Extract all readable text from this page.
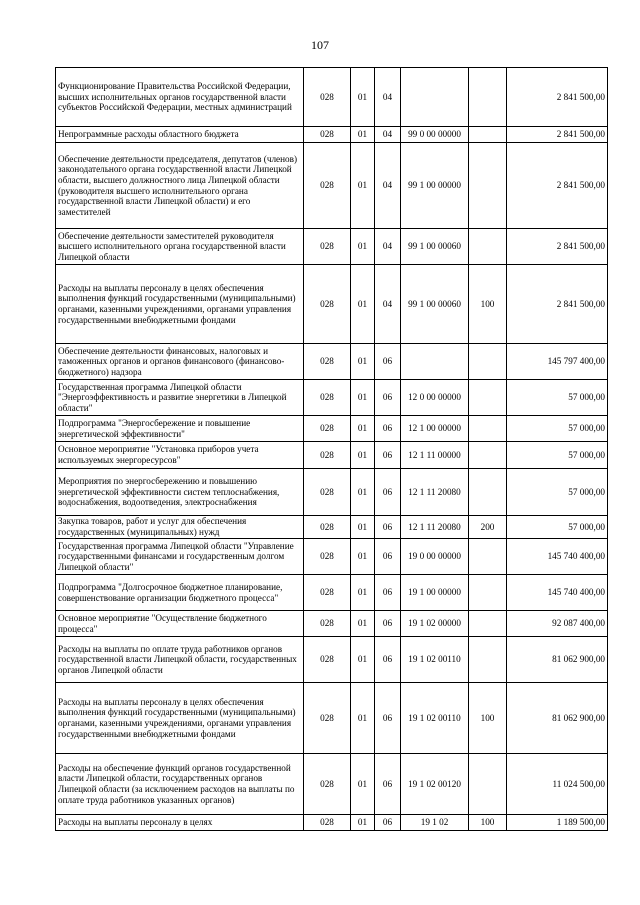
107
Функционирование Правительства Российской Федерации, высших исполнительных органов государственной власти субъектов Российской Федерации, местных администраций	028	01	04			2 841 500,00
Непрограммные расходы областного бюджета	028	01	04	99 0 00 00000		2 841 500,00
Обеспечение деятельности председателя, депутатов (членов) законодательного органа государственной власти Липецкой области, высшего должностного лица Липецкой области (руководителя высшего исполнительного органа государственной власти Липецкой области) и его заместителей	028	01	04	99 1 00 00000		2 841 500,00
Обеспечение деятельности заместителей руководителя высшего исполнительного органа государственной власти Липецкой области	028	01	04	99 1 00 00060		2 841 500,00
Расходы на выплаты персоналу в целях обеспечения выполнения функций государственными (муниципальными) органами, казенными учреждениями, органами управления государственными внебюджетными фондами	028	01	04	99 1 00 00060	100	2 841 500,00
Обеспечение деятельности финансовых, налоговых и таможенных органов и органов финансового (финансово-бюджетного) надзора	028	01	06			145 797 400,00
Государственная программа Липецкой области "Энергоэффективность и развитие энергетики в Липецкой области"	028	01	06	12 0 00 00000		57 000,00
Подпрограмма "Энергосбережение и повышение энергетической эффективности"	028	01	06	12 1 00 00000		57 000,00
Основное мероприятие "Установка приборов учета используемых энергоресурсов"	028	01	06	12 1 11 00000		57 000,00
Мероприятия по энергосбережению и повышению энергетической эффективности систем теплоснабжения, водоснабжения, водоотведения, электроснабжения	028	01	06	12 1 11 20080		57 000,00
Закупка товаров, работ и услуг для обеспечения государственных (муниципальных) нужд	028	01	06	12 1 11 20080	200	57 000,00
Государственная программа Липецкой области "Управление государственными финансами и государственным долгом Липецкой области"	028	01	06	19 0 00 00000		145 740 400,00
Подпрограмма "Долгосрочное бюджетное планирование, совершенствование организации бюджетного процесса"	028	01	06	19 1 00 00000		145 740 400,00
Основное мероприятие "Осуществление бюджетного процесса"	028	01	06	19 1 02 00000		92 087 400,00
Расходы на выплаты по оплате труда работников органов государственной власти Липецкой области, государственных органов Липецкой области	028	01	06	19 1 02 00110		81 062 900,00
Расходы на выплаты персоналу в целях обеспечения выполнения функций государственными (муниципальными) органами, казенными учреждениями, органами управления государственными внебюджетными фондами	028	01	06	19 1 02 00110	100	81 062 900,00
Расходы на обеспечение функций органов государственной власти Липецкой области, государственных органов Липецкой области (за исключением расходов на выплаты по оплате труда работников указанных органов)	028	01	06	19 1 02 00120		11 024 500,00
Расходы на выплаты персоналу в целях	028	01	06	19 1 02	100	1 189 500,00
